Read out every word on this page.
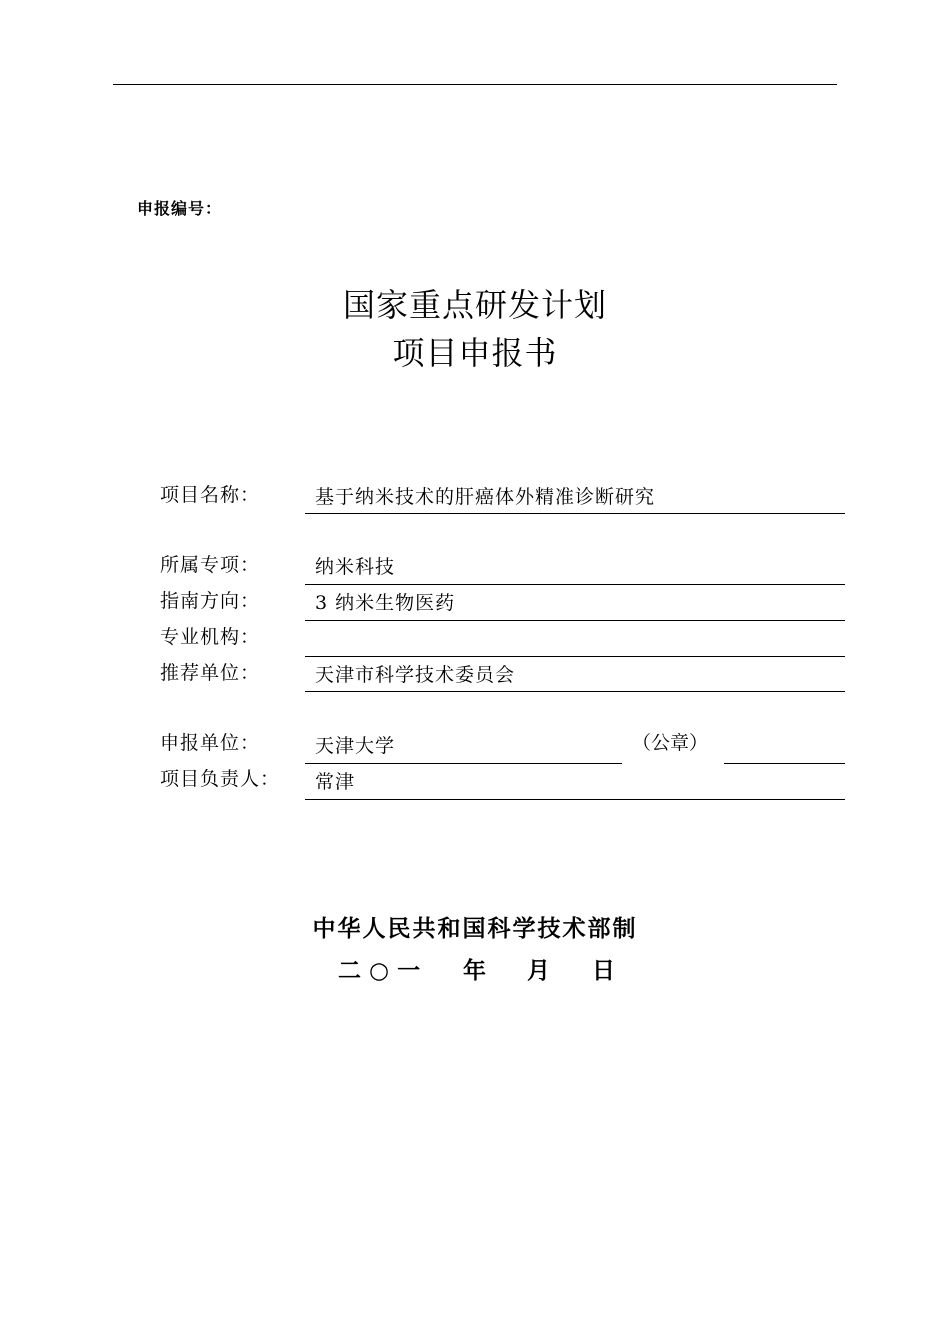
申报编号：
国家重点研发计划
项目申报书
项目名称：	基于纳米技术的肝癌体外精准诊断研究
所属专项：	纳米科技
指南方向：	3 纳米生物医药
专业机构：
推荐单位：	天津市科学技术委员会
申报单位：	天津大学	（公章）
项目负责人： 常津
中华人民共和国科学技术部制
二 ○ 一 年 月 日
